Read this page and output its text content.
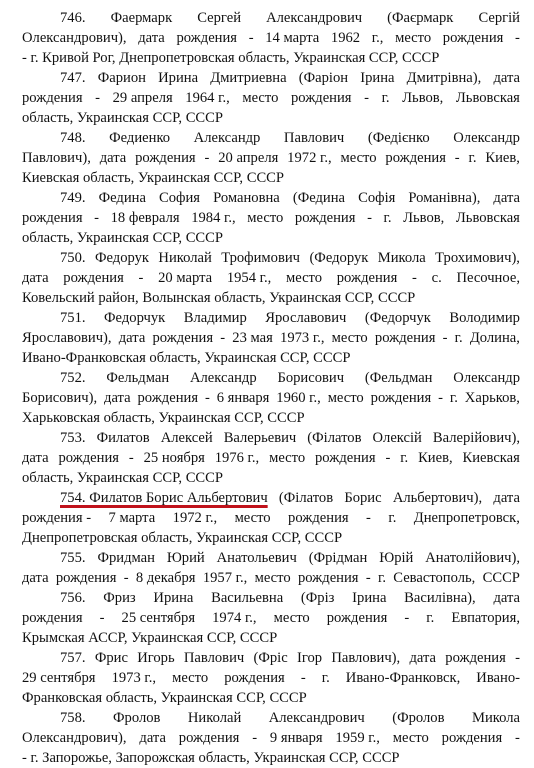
746. Фаермарк Сергей Александрович (Фаєрмарк Сергій
Олександрович), дата рождения - 14 марта 1962 г., место рождения -
- г. Кривой Рог, Днепропетровская область, Украинская ССР, СССР
747. Фарион Ирина Дмитриевна (Фаріон Ірина Дмитрівна), дата
рождения - 29 апреля 1964 г., место рождения - г. Львов, Львовская
область, Украинская ССР, СССР
748. Федиенко Александр Павлович (Федієнко Олександр
Павлович), дата рождения - 20 апреля 1972 г., место рождения - г. Киев,
Киевская область, Украинская ССР, СССР
749. Федина София Романовна (Федина Софія Романівна), дата
рождения - 18 февраля 1984 г., место рождения - г. Львов, Львовская
область, Украинская ССР, СССР
750. Федорук Николай Трофимович (Федорук Микола Трохимович),
дата рождения - 20 марта 1954 г., место рождения - с. Песочное,
Ковельский район, Волынская область, Украинская ССР, СССР
751. Федорчук Владимир Ярославович (Федорчук Володимир
Ярославович), дата рождения - 23 мая 1973 г., место рождения - г. Долина,
Ивано-Франковская область, Украинская ССР, СССР
752. Фельдман Александр Борисович (Фельдман Олександр
Борисович), дата рождения - 6 января 1960 г., место рождения - г. Харьков,
Харьковская область, Украинская ССР, СССР
753. Филатов Алексей Валерьевич (Філатов Олексій Валерійович),
дата рождения - 25 ноября 1976 г., место рождения - г. Киев, Киевская
область, Украинская ССР, СССР
754. Филатов Борис Альбертович (Філатов Борис Альбертович), дата
рождения - 7 марта 1972 г., место рождения - г. Днепропетровск,
Днепропетровская область, Украинская ССР, СССР
755. Фридман Юрий Анатольевич (Фрідман Юрій Анатолійович),
дата рождения - 8 декабря 1957 г., место рождения - г. Севастополь, СССР
756. Фриз Ирина Васильевна (Фріз Ірина Василівна), дата
рождения - 25 сентября 1974 г., место рождения - г. Евпатория,
Крымская АССР, Украинская ССР, СССР
757. Фрис Игорь Павлович (Фріс Ігор Павлович), дата рождения -
29 сентября 1973 г., место рождения - г. Ивано-Франковск, Ивано-
Франковская область, Украинская ССР, СССР
758. Фролов Николай Александрович (Фролов Микола
Олександрович), дата рождения - 9 января 1959 г., место рождения -
- г. Запорожье, Запорожская область, Украинская ССР, СССР
